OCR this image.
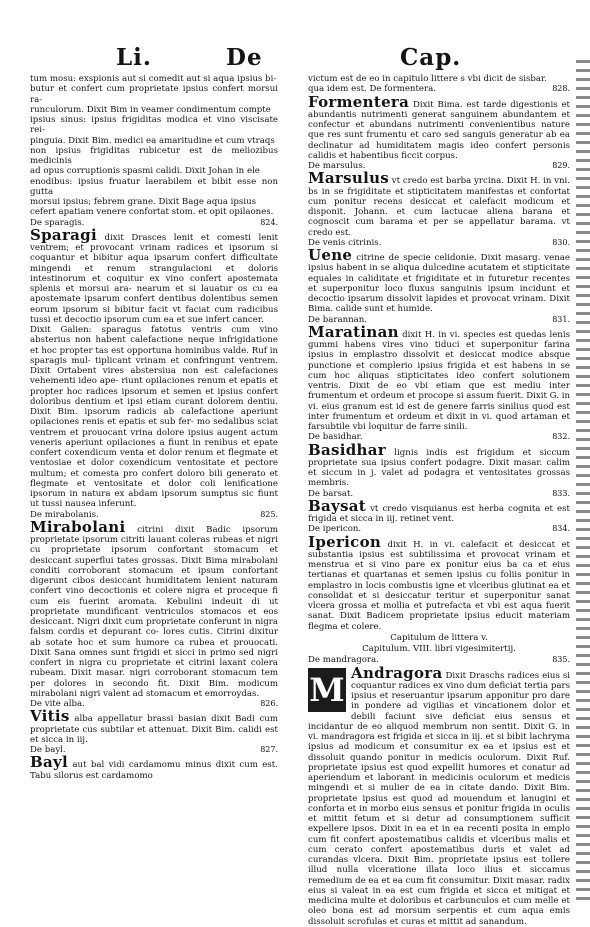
Li.	De	Cap.

tum mosu: exspionis aut si comedit aut si aqua ipsius bi-

butur et confert cum proprietate ipsius confert morsui ra-

runculorum. Dixit Bim in veamer condimentum compte

ipsius sinus: ipsius frigiditas modica et vino viscisate rei-

pinguia. Dixit Bim. medici ea amaritudine et cum vtraqs

non ipsius frigiditas rubicetur est de meliozibus medicinis

ad opus corruptionis spasmi calidi. Dixit Johan in ele

enodibus: ipsius fruatur laerabilem et bibit esse non gutta

morsui ipsius; febrem grane. Dixit Bage aqua ipsius

cefert apatiam venere confortat stom. et opit opilaones.

824.
De sparagis.

Sparagi dixit Drasces lenit et comesti lenit ventrem; et provocant vrinam radices et ipsorum si coquantur et bibitur aqua ipsarum confert difficultate mingendi et renum strangulacioni et doloris intestinorum et coquitur ex vino confert apostemata splenis et morsui ara- nearum et si lauatur os cu ea apostemate ipsarum confert dentibus dolentibus semen eorum ipsorum si bibitur facit vt faciat cum radicibus tussi et decoctio ipsorum cum ea et sue infert cancer.

Dixit Galien: sparagus fatotus ventris cum vino absterius non habent calefactione neque infrigidatione et hoc propter tas est opportuna hominibus valde. Ruf in sparagis mul- tiplicant vrinam et confringunt ventrem. Dixit Ortabent vires abstersiua non est calefaciones vehementi ideo ape- riunt opilaciones renum et epatis et propter hoc radices ipsorum et semen et ipsius confert doloribus dentium et ipsi etiam curant dolorem dentiu. Dixit Bim. ipsorum radicis ab calefactione aperiunt opilaciones renis et epatis et sub fer- mo sedalibus sciat ventrem et prouocant vrina dolore ipsius augent actum veneris aperiunt opilaciones a fiunt in renibus et epate confert coxendicum venta et dolor renum et flegmate et ventosiae et dolor coxendicum ventositate et pectore multum; et comesta pro confert doloro bili generato et flegmate et ventositate et dolor coli lenificatione ipsorum in natura ex abdam ipsorum sumptus sic fiunt ut tussi nausea inferunt.

825.
De mirabolanis.

Mirabolani citrini dixit Badic ipsorum proprietate ipsorum citriti lauant coleras rubeas et nigri cu proprietate ipsorum confortant stomacum et desiccant superflui tates grossas. Dixit Bima mirabolani conditi corroborant stomacum et ipsum confortant digerunt cibos desiccant humiditatem lenient naturam confert vino decoctionis et colere nigra et proceque fi cum eis fuerint aromata. Kebulini indeuit di ut proprietate mundificant ventriculos stomacos et eos desiccant. Nigri dixit cum proprietate conferunt in nigra falsm cordis et depurant co- lores cutis. Citrini dixitur ab sotate hoc et sum humore ca rubea et prouocati. Dixit Sana omnes sunt frigidi et sicci in primo sed nigri confert in nigra cu proprietate et citrini laxant colera rubeam. Dixit masar. nigri corroborant stomacum tem per dolores in secondo fit. Dixit Bim. modicum mirabolani nigri valent ad stomacum et emorroydas.

826.
De vite alba.

Vitis alba appellatur brassi basian dixit Badi cum proprietate cus subtilar et attenuat. Dixit Bim. calidi est et sicca in iij.

827.
De bayl.

Bayl aut bal vidi cardamomu minus dixit cum est. Tabu silorus est cardamomo

victum est de eo in capitulo littere s vbi dicit de sisbar.

828.
qua idem est. De formentera.

Formentera Dixit Bima. est tarde digestionis et abundantis nutrimenti generat sanguinem abundantem et confectur et abundans nutrimenti convenientibus nature que res sunt frumentu et caro sed sanguis generatur ab ea declinatur ad humiditatem magis ideo confert personis calidis et habentibus ficcit corpus.

829.
De marsulus.

Marsulus vt credo est barba yrcina. Dixit H. in vni. bs in se frigiditate et stipticitatem manifestas et confortat cum ponitur recens desiccat et calefacit modicum et disponit. Johann. et cum lactucae aliena barana et cognoscit cum barama et per se appellatur barama. vt credo est.

830.
De venis citrinis.

Uene citrine de specie celidonie. Dixit masarg. venae ipsius habent in se aliqua dulcedine acutatem et stipticitate equales in caliditate et frigiditate et in futuretur recentes et superponitur loco fluxus sanguinis ipsum incidunt et decoctio ipsarum dissolvit lapides et provocat vrinam. Dixit Bima. calide sunt et humide.

831.
De barannan.

Maratinan dixit H. in vi. species est quedas lenis gummi habens vires vino tiduci et superponitur farina ipsius in emplastro dissolvit et desiccat modice absque punctione et complerio ipsius frigida et est habens in se cum hoc aliquas stipticitates ideo confert solutionem ventris. Dixit de eo vbi etiam que est mediu inter frumentum et ordeum et procope si assum fuerit. Dixit G. in vi. eius granum est id est de genere farris sinilius quod est inter frumentum et ordeum et dixit in vi. quod artaman et farsubtile vbi loquitur de farre sinili.

832.
De basidhar.

Basidhar lignis indis est frigidum et siccum proprietate sua ipsius confert podagre. Dixit masar. calim et siccum in j. valet ad podagra et ventositates grossas membris.

833.
De barsat.

Baysat vt credo visquianus est herba cognita et est frigida et sicca in iij. retinet vent.

834.
De ipericon.

Ipericon dixit H. in vi. calefacit et desiccat et substantia ipsius est subtilissima et provocat vrinam et menstrua et si vino pare ex ponitur eius ba ca et eius tertianas et quartanas et semen ipsius cu foliis ponitur in emplastro in locis combustis igne et vlceribus glutinat ea et consolidat et si desiccatur teritur et superponitur sanat vlcera grossa et mollia et putrefacta et vbi est aqua fuerit sanat. Dixit Badicem proprietate ipsius educit materiam flegma et colere.

Capitulum de littera v.

Capitulum. VIII. libri vigesimitertij.

835.
De mandragora.

M Andragora Dixit Draschs radices eius si coquantur radices ex vino dum deficiat tertia pars ipsius et reseruantur ipsarum apponitur pro dare in pondere ad vigilias et vincationem dolor et debili faciunt sive deficiat eius sensus et incidantur de eo aliquod membrum non sentit. Dixit G. in vi. mandragora est frigida et sicca in iij. et si bibit lachryma ipsius ad modicum et consumitur ex ea et ipsius est et dissoluit quando ponitur in medicis oculorum. Dixit Ruf. proprietate ipsius est quod expellit humores et conatur ad aperiendum et laborant in medicinis oculorum et medicis mingendi et si mulier de ea in citate dando. Dixit Bim. proprietate ipsius est quod ad mouendum et lanugini et conforta et in morbo eius sensus et ponitur frigida in oculis et mittit fetum et si detur ad consumptionem sufficit expellere ipsos. Dixit in ea et in ea recenti posita in emplo cum fit confert apostematibus calidis et vlceribus malis et cum cerato confert apostematibus duris et valet ad curandas vlcera. Dixit Bim. proprietate ipsius est tollere illud nulla vlceratione illata loco ilius et siccamus remedium de ea et ea cum fit consumitur. Dixit masar. radix eius si valeat in ea est cum frigida et sicca et mitigat et medicina multe et doloribus et carbunculos et cum melle et oleo bona est ad morsum serpentis et cum aqua emis dissoluit scrofulas et curas et mittit ad sanandum.
